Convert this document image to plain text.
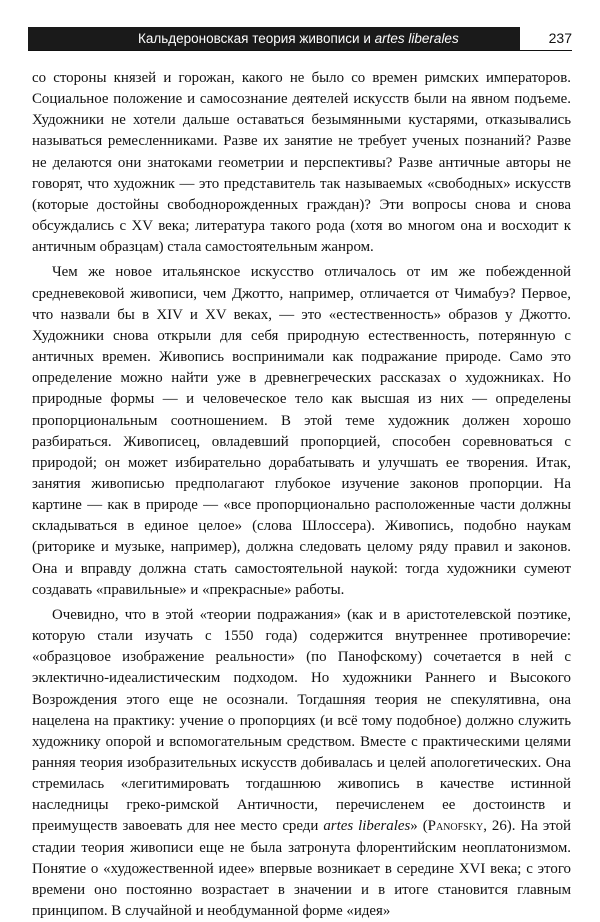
Кальдероновская теория живописи и artes liberales	237

со стороны князей и горожан, какого не было со времен римских императоров. Социальное положение и самосознание деятелей искусств были на явном подъеме. Художники не хотели дальше оставаться безымянными кустарями, отказывались называться ремесленниками. Разве их занятие не требует ученых познаний? Разве не делаются они знатоками геометрии и перспективы? Разве античные авторы не говорят, что художник — это представитель так называемых «свободных» искусств (которые достойны свободнорожденных граждан)? Эти вопросы снова и снова обсуждались с XV века; литература такого рода (хотя во многом она и восходит к античным образцам) стала самостоятельным жанром.

Чем же новое итальянское искусство отличалось от им же побежденной средневековой живописи, чем Джотто, например, отличается от Чимабуэ? Первое, что назвали бы в XIV и XV веках, — это «естественность» образов у Джотто. Художники снова открыли для себя природную естественность, потерянную с античных времен. Живопись воспринимали как подражание природе. Само это определение можно найти уже в древнегреческих рассказах о художниках. Но природные формы — и человеческое тело как высшая из них — определены пропорциональным соотношением. В этой теме художник должен хорошо разбираться. Живописец, овладевший пропорцией, способен соревноваться с природой; он может избирательно дорабатывать и улучшать ее творения. Итак, занятия живописью предполагают глубокое изучение законов пропорции. На картине — как в природе — «все пропорционально расположенные части должны складываться в единое целое» (слова Шлоссера). Живопись, подобно наукам (риторике и музыке, например), должна следовать целому ряду правил и законов. Она и вправду должна стать самостоятельной наукой: тогда художники сумеют создавать «правильные» и «прекрасные» работы.

Очевидно, что в этой «теории подражания» (как и в аристотелевской поэтике, которую стали изучать с 1550 года) содержится внутреннее противоречие: «образцовое изображение реальности» (по Панофскому) сочетается в ней с эклектично-идеалистическим подходом. Но художники Раннего и Высокого Возрождения этого еще не осознали. Тогдашняя теория не спекулятивна, она нацелена на практику: учение о пропорциях (и всё тому подобное) должно служить художнику опорой и вспомогательным средством. Вместе с практическими целями ранняя теория изобразительных искусств добивалась и целей апологетических. Она стремилась «легитимировать тогдашнюю живопись в качестве истинной наследницы греко-римской Античности, перечисленем ее достоинств и преимуществ завоевать для нее место среди artes liberales» (Panofsky, 26). На этой стадии теория живописи еще не была затронута флорентийским неоплатонизмом. Понятие о «художественной идее» впервые возникает в середине XVI века; с этого времени оно постоянно возрастает в значении и в итоге становится главным принципом. В случайной и необдуманной форме «идея»
